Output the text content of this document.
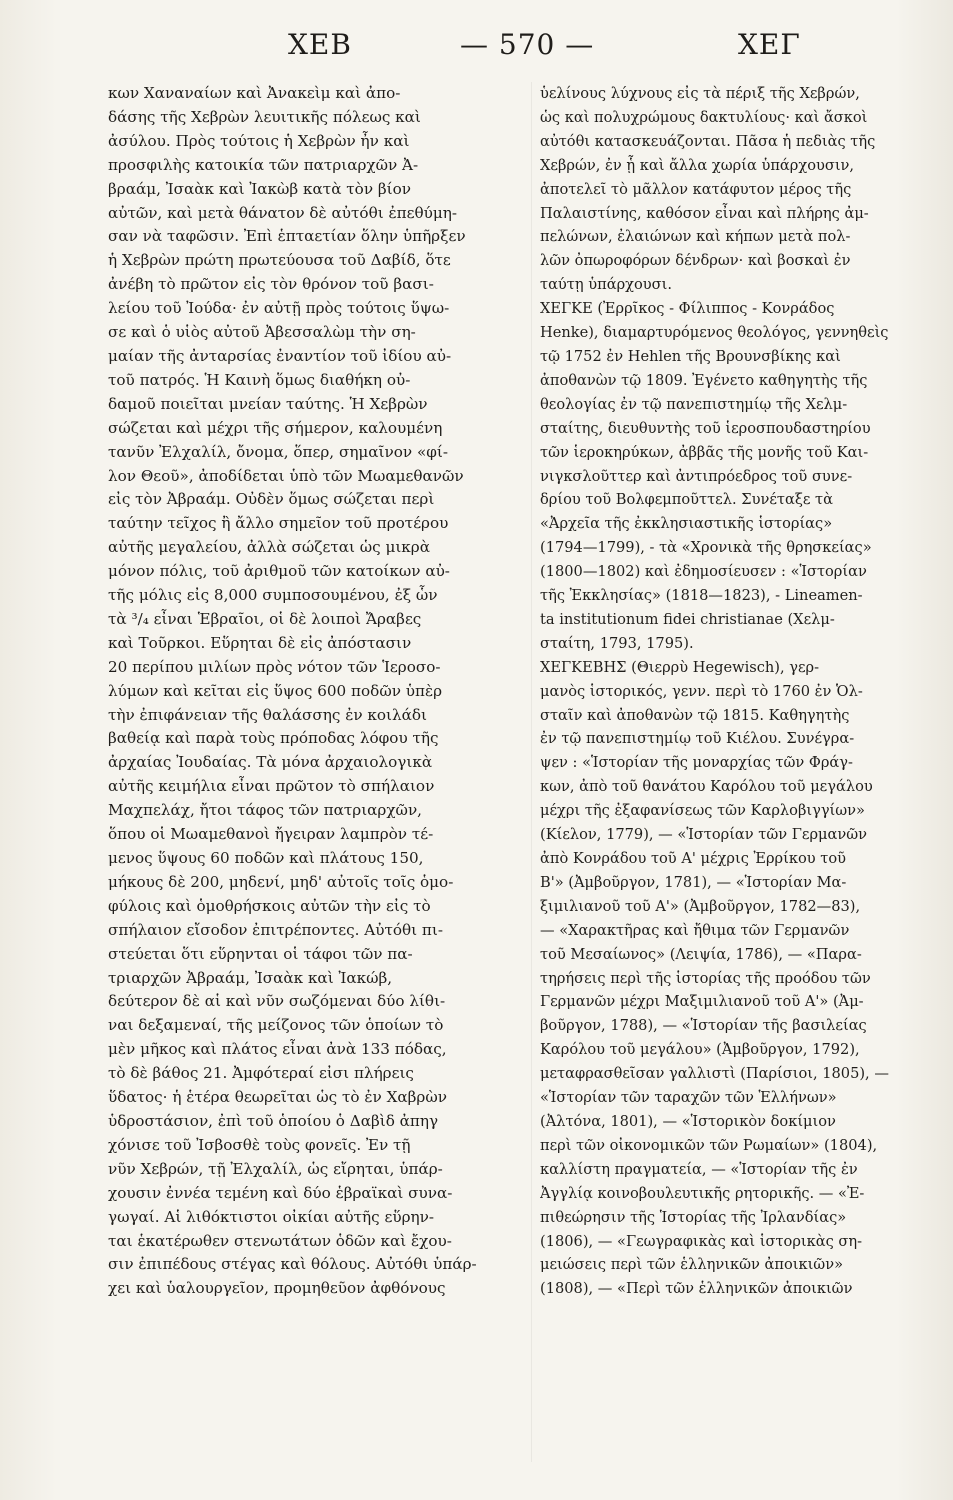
ΧΕΒ	— 570 —	ΧΕΓ
κων Χαναναίων καὶ Ἀνακεὶμ καὶ ἀπο-
δάσης τῆς Χεβρὼν λευιτικῆς πόλεως καὶ
ἀσύλου. Πρὸς τούτοις ἡ Χεβρὼν ἦν καὶ
προσφιλὴς κατοικία τῶν πατριαρχῶν Ἀ-
βραάμ, Ἰσαὰκ καὶ Ἰακὼβ κατὰ τὸν βίον
αὐτῶν, καὶ μετὰ θάνατον δὲ αὐτόθι ἐπεθύμη-
σαν νὰ ταφῶσιν. Ἐπὶ ἑπταετίαν ὅλην ὑπῆρξεν
ἡ Χεβρὼν πρώτη πρωτεύουσα τοῦ Δαβίδ, ὅτε
ἀνέβη τὸ πρῶτον εἰς τὸν θρόνον τοῦ βασι-
λείου τοῦ Ἰούδα· ἐν αὐτῇ πρὸς τούτοις ὕψω-
σε καὶ ὁ υἱὸς αὐτοῦ Ἀβεσσαλὼμ τὴν ση-
μαίαν τῆς ἀνταρσίας ἐναντίον τοῦ ἰδίου αὐ-
τοῦ πατρός. Ἡ Καινὴ ὅμως διαθήκη οὐ-
δαμοῦ ποιεῖται μνείαν ταύτης. Ἡ Χεβρὼν
σώζεται καὶ μέχρι τῆς σήμερον, καλουμένη
τανῦν Ἐλχαλίλ, ὄνομα, ὅπερ, σημαῖνον «φί-
λον Θεοῦ», ἀποδίδεται ὑπὸ τῶν Μωαμεθανῶν
εἰς τὸν Ἀβραάμ. Οὐδὲν ὅμως σώζεται περὶ
ταύτην τεῖχος ἢ ἄλλο σημεῖον τοῦ προτέρου
αὐτῆς μεγαλείου, ἀλλὰ σώζεται ὡς μικρὰ
μόνον πόλις, τοῦ ἀριθμοῦ τῶν κατοίκων αὐ-
τῆς μόλις εἰς 8,000 συμποσουμένου, ἐξ ὧν
τὰ ³/₄ εἶναι Ἑβραῖοι, οἱ δὲ λοιποὶ Ἄραβες
καὶ Τοῦρκοι. Εὕρηται δὲ εἰς ἀπόστασιν
20 περίπου μιλίων πρὸς νότον τῶν Ἱεροσο-
λύμων καὶ κεῖται εἰς ὕψος 600 ποδῶν ὑπὲρ
τὴν ἐπιφάνειαν τῆς θαλάσσης ἐν κοιλάδι
βαθείᾳ καὶ παρὰ τοὺς πρόποδας λόφου τῆς
ἀρχαίας Ἰουδαίας. Τὰ μόνα ἀρχαιολογικὰ
αὐτῆς κειμήλια εἶναι πρῶτον τὸ σπήλαιον
Μαχπελάχ, ἤτοι τάφος τῶν πατριαρχῶν,
ὅπου οἱ Μωαμεθανοὶ ἤγειραν λαμπρὸν τέ-
μενος ὕψους 60 ποδῶν καὶ πλάτους 150,
μήκους δὲ 200, μηδενί, μηδ' αὐτοῖς τοῖς ὁμο-
φύλοις καὶ ὁμοθρήσκοις αὐτῶν τὴν εἰς τὸ
σπήλαιον εἴσοδον ἐπιτρέποντες. Αὐτόθι πι-
στεύεται ὅτι εὕρηνται οἱ τάφοι τῶν πα-
τριαρχῶν Ἀβραάμ, Ἰσαὰκ καὶ Ἰακώβ,
δεύτερον δὲ αἱ καὶ νῦν σωζόμεναι δύο λίθι-
ναι δεξαμεναί, τῆς μείζονος τῶν ὁποίων τὸ
μὲν μῆκος καὶ πλάτος εἶναι ἀνὰ 133 πόδας,
τὸ δὲ βάθος 21. Ἀμφότεραί εἰσι πλήρεις
ὕδατος· ἡ ἑτέρα θεωρεῖται ὡς τὸ ἐν Χαβρὼν
ὑδροστάσιον, ἐπὶ τοῦ ὁποίου ὁ Δαβὶδ ἀπηγ
χόνισε τοῦ Ἰσβοσθὲ τοὺς φονεῖς. Ἐν τῇ
νῦν Χεβρών, τῇ Ἐλχαλίλ, ὡς εἴρηται, ὑπάρ-
χουσιν ἐννέα τεμένη καὶ δύο ἑβραϊκαὶ συνα-
γωγαί. Αἱ λιθόκτιστοι οἰκίαι αὐτῆς εὕρην-
ται ἑκατέρωθεν στενωτάτων ὁδῶν καὶ ἔχου-
σιν ἐπιπέδους στέγας καὶ θόλους. Αὐτόθι ὑπάρ-
χει καὶ ὑαλουργεῖον, προμηθεῦον ἀφθόνους
ὑελίνους λύχνους εἰς τὰ πέριξ τῆς Χεβρών,
ὡς καὶ πολυχρώμους δακτυλίους· καὶ ἄσκοὶ
αὐτόθι κατασκευάζονται. Πᾶσα ἡ πεδιὰς τῆς
Χεβρών, ἐν ᾗ καὶ ἄλλα χωρία ὑπάρχουσιν,
ἀποτελεῖ τὸ μᾶλλον κατάφυτον μέρος τῆς
Παλαιστίνης, καθόσον εἶναι καὶ πλήρης ἀμ-
πελώνων, ἐλαιώνων καὶ κήπων μετὰ πολ-
λῶν ὀπωροφόρων δένδρων· καὶ βοσκαὶ ἐν
ταύτῃ ὑπάρχουσι.
ΧΕΓΚΕ (Ἐρρῖκος - Φίλιππος - Κονράδος
Henke), διαμαρτυρόμενος θεολόγος, γεννηθεὶς
τῷ 1752 ἐν Hehlen τῆς Βρουνσβίκης καὶ
ἀποθανὼν τῷ 1809. Ἐγένετο καθηγητὴς τῆς
θεολογίας ἐν τῷ πανεπιστημίῳ τῆς Χελμ-
σταίτης, διευθυντὴς τοῦ ἱεροσπουδαστηρίου
τῶν ἱεροκηρύκων, ἀββᾶς τῆς μονῆς τοῦ Και-
νιγκσλοῦττερ καὶ ἀντιπρόεδρος τοῦ συνε-
δρίου τοῦ Βολφεμποῦττελ. Συνέταξε τὰ
«Ἀρχεῖα τῆς ἐκκλησιαστικῆς ἱστορίας»
(1794—1799), - τὰ «Χρονικὰ τῆς θρησκείας»
(1800—1802) καὶ ἐδημοσίευσεν : «Ἱστορίαν
τῆς Ἐκκλησίας» (1818—1823), - Lineamen-
ta institutionum fidei christianae (Χελμ-
σταίτη, 1793, 1795).
ΧΕΓΚΕΒΗΣ (Θιερρὺ Hegewisch), γερ-
μανὸς ἱστορικός, γενν. περὶ τὸ 1760 ἐν Ὁλ-
σταῖν καὶ ἀποθανὼν τῷ 1815. Καθηγητὴς
ἐν τῷ πανεπιστημίῳ τοῦ Κιέλου. Συνέγρα-
ψεν : «Ἱστορίαν τῆς μοναρχίας τῶν Φράγ-
κων, ἀπὸ τοῦ θανάτου Καρόλου τοῦ μεγάλου
μέχρι τῆς ἐξαφανίσεως τῶν Καρλοβιγγίων»
(Κίελον, 1779), — «Ἱστορίαν τῶν Γερμανῶν
ἀπὸ Κονράδου τοῦ Α' μέχρις Ἐρρίκου τοῦ
Β'» (Ἀμβοῦργον, 1781), — «Ἱστορίαν Μα-
ξιμιλιανοῦ τοῦ Α'» (Ἀμβοῦργον, 1782—83),
— «Χαρακτῆρας καὶ ἤθιμα τῶν Γερμανῶν
τοῦ Μεσαίωνος» (Λειψία, 1786), — «Παρα-
τηρήσεις περὶ τῆς ἱστορίας τῆς προόδου τῶν
Γερμανῶν μέχρι Μαξιμιλιανοῦ τοῦ Α'» (Ἀμ-
βοῦργον, 1788), — «Ἱστορίαν τῆς βασιλείας
Καρόλου τοῦ μεγάλου» (Ἀμβοῦργον, 1792),
μεταφρασθεῖσαν γαλλιστὶ (Παρίσιοι, 1805), —
«Ἱστορίαν τῶν ταραχῶν τῶν Ἑλλήνων»
(Ἀλτόνα, 1801), — «Ἱστορικὸν δοκίμιον
περὶ τῶν οἰκονομικῶν τῶν Ρωμαίων» (1804),
καλλίστη πραγματεία, — «Ἱστορίαν τῆς ἐν
Ἀγγλίᾳ κοινοβουλευτικῆς ρητορικῆς. — «Ἐ-
πιθεώρησιν τῆς Ἱστορίας τῆς Ἰρλανδίας»
(1806), — «Γεωγραφικὰς καὶ ἱστορικὰς ση-
μειώσεις περὶ τῶν ἑλληνικῶν ἀποικιῶν»
(1808), — «Περὶ τῶν ἑλληνικῶν ἀποικιῶν
